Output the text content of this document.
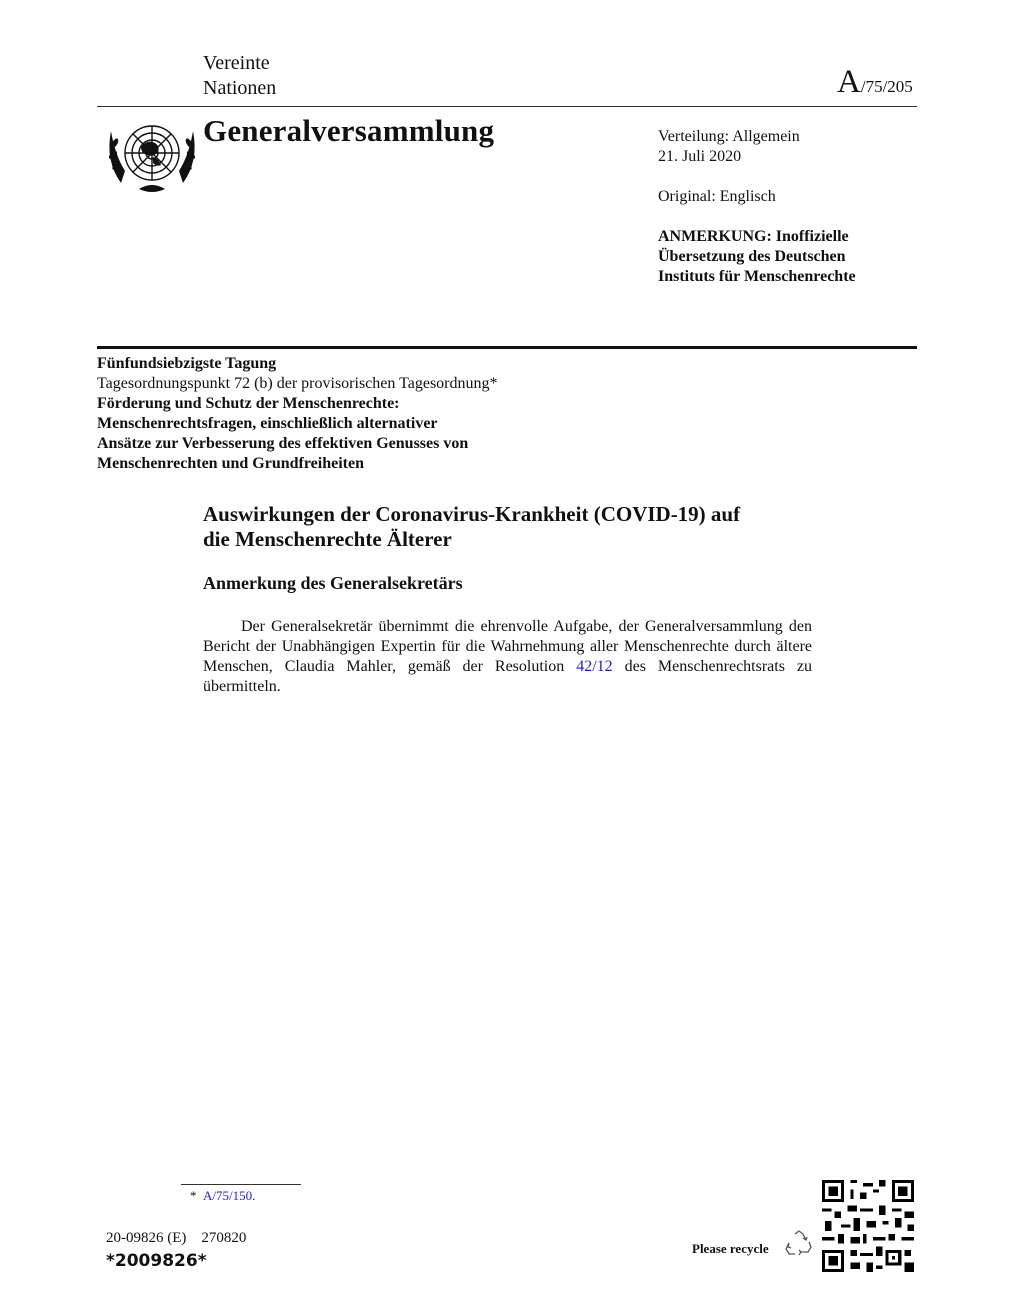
Vereinte
Nationen	A/75/205
Generalversammlung	Verteilung: Allgemein
21. Juli 2020
Original: Englisch
ANMERKUNG: Inoffizielle
Übersetzung des Deutschen
Instituts für Menschenrechte
Fünfundsiebzigste Tagung
Tagesordnungspunkt 72 (b) der provisorischen Tagesordnung*
Förderung und Schutz der Menschenrechte:
Menschenrechtsfragen, einschließlich alternativer
Ansätze zur Verbesserung des effektiven Genusses von
Menschenrechten und Grundfreiheiten
Auswirkungen der Coronavirus-Krankheit (COVID-19) auf
die Menschenrechte Älterer
Anmerkung des Generalsekretärs
Der Generalsekretär übernimmt die ehrenvolle Aufgabe, der Generalversammlung den Bericht der Unabhängigen Expertin für die Wahrnehmung aller Menschenrechte durch ältere Menschen, Claudia Mahler, gemäß der Resolution 42/12 des Menschenrechtsrats zu übermitteln.
* A/75/150.
20-09826 (E)    270820
*2009826*
Please recycle
